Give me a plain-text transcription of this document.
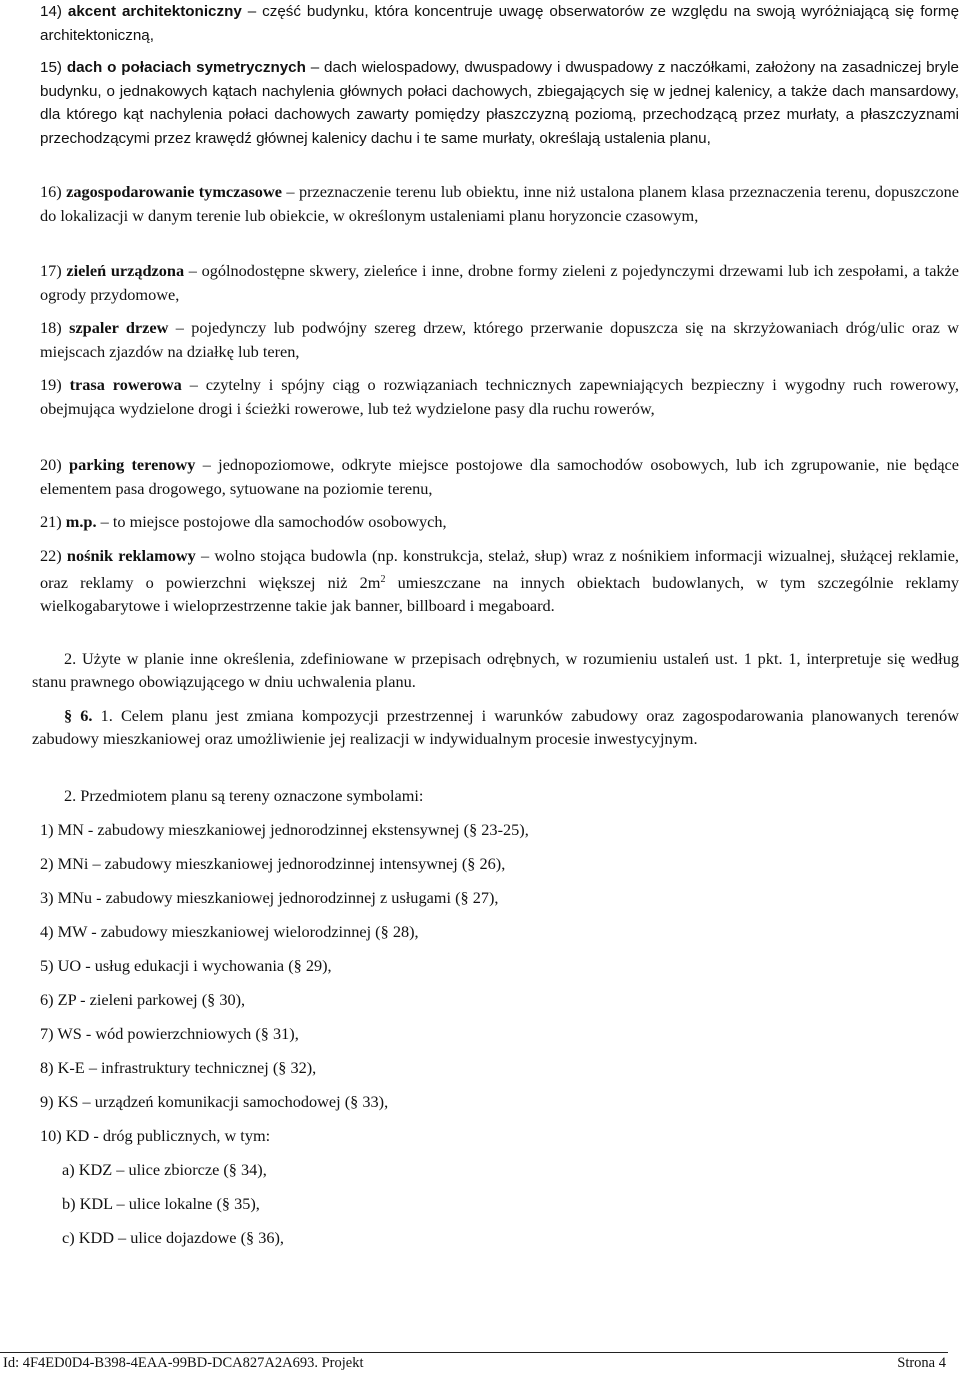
14) akcent architektoniczny – część budynku, która koncentruje uwagę obserwatorów ze względu na swoją wyróżniającą się formę architektoniczną,
15) dach o połaciach symetrycznych – dach wielospadowy, dwuspadowy i dwuspadowy z naczółkami, założony na zasadniczej bryle budynku, o jednakowych kątach nachylenia głównych połaci dachowych, zbiegających się w jednej kalenicy, a także dach mansardowy, dla którego kąt nachylenia połaci dachowych zawarty pomiędzy płaszczyzną poziomą, przechodzącą przez murłaty, a płaszczyznami przechodzącymi przez krawędź głównej kalenicy dachu i te same murłaty, określają ustalenia planu,
16) zagospodarowanie tymczasowe – przeznaczenie terenu lub obiektu, inne niż ustalona planem klasa przeznaczenia terenu, dopuszczone do lokalizacji w danym terenie lub obiekcie, w określonym ustaleniami planu horyzoncie czasowym,
17) zieleń urządzona – ogólnodostępne skwery, zieleńce i inne, drobne formy zieleni z pojedynczymi drzewami lub ich zespołami, a także ogrody przydomowe,
18) szpaler drzew – pojedynczy lub podwójny szereg drzew, którego przerwanie dopuszcza się na skrzyżowaniach dróg/ulic oraz w miejscach zjazdów na działkę lub teren,
19) trasa rowerowa – czytelny i spójny ciąg o rozwiązaniach technicznych zapewniających bezpieczny i wygodny ruch rowerowy, obejmująca wydzielone drogi i ścieżki rowerowe, lub też wydzielone pasy dla ruchu rowerów,
20) parking terenowy – jednopoziomowe, odkryte miejsce postojowe dla samochodów osobowych, lub ich zgrupowanie, nie będące elementem pasa drogowego, sytuowane na poziomie terenu,
21) m.p. – to miejsce postojowe dla samochodów osobowych,
22) nośnik reklamowy – wolno stojąca budowla (np. konstrukcja, stelaż, słup) wraz z nośnikiem informacji wizualnej, służącej reklamie, oraz reklamy o powierzchni większej niż $2m^2$ umieszczane na innych obiektach budowlanych, w tym szczególnie reklamy wielkogabarytowe i wieloprzestrzenne takie jak banner, billboard i megaboard.
2. Użyte w planie inne określenia, zdefiniowane w przepisach odrębnych, w rozumieniu ustaleń ust. 1 pkt. 1, interpretuje się według stanu prawnego obowiązującego w dniu uchwalenia planu.
§ 6. 1. Celem planu jest zmiana kompozycji przestrzennej i warunków zabudowy oraz zagospodarowania planowanych terenów zabudowy mieszkaniowej oraz umożliwienie jej realizacji w indywidualnym procesie inwestycyjnym.
2. Przedmiotem planu są tereny oznaczone symbolami:
1) MN - zabudowy mieszkaniowej jednorodzinnej ekstensywnej (§ 23-25),
2) MNi – zabudowy mieszkaniowej jednorodzinnej intensywnej (§ 26),
3) MNu - zabudowy mieszkaniowej jednorodzinnej z usługami (§ 27),
4) MW - zabudowy mieszkaniowej wielorodzinnej (§ 28),
5) UO - usług edukacji i wychowania (§ 29),
6) ZP - zieleni parkowej (§ 30),
7) WS - wód powierzchniowych (§ 31),
8) K-E – infrastruktury technicznej (§ 32),
9) KS – urządzeń komunikacji samochodowej (§ 33),
10) KD - dróg publicznych, w tym:
a) KDZ – ulice zbiorcze (§ 34),
b) KDL – ulice lokalne (§ 35),
c) KDD – ulice dojazdowe (§ 36),
Id: 4F4ED0D4-B398-4EAA-99BD-DCA827A2A693. Projekt	Strona 4
